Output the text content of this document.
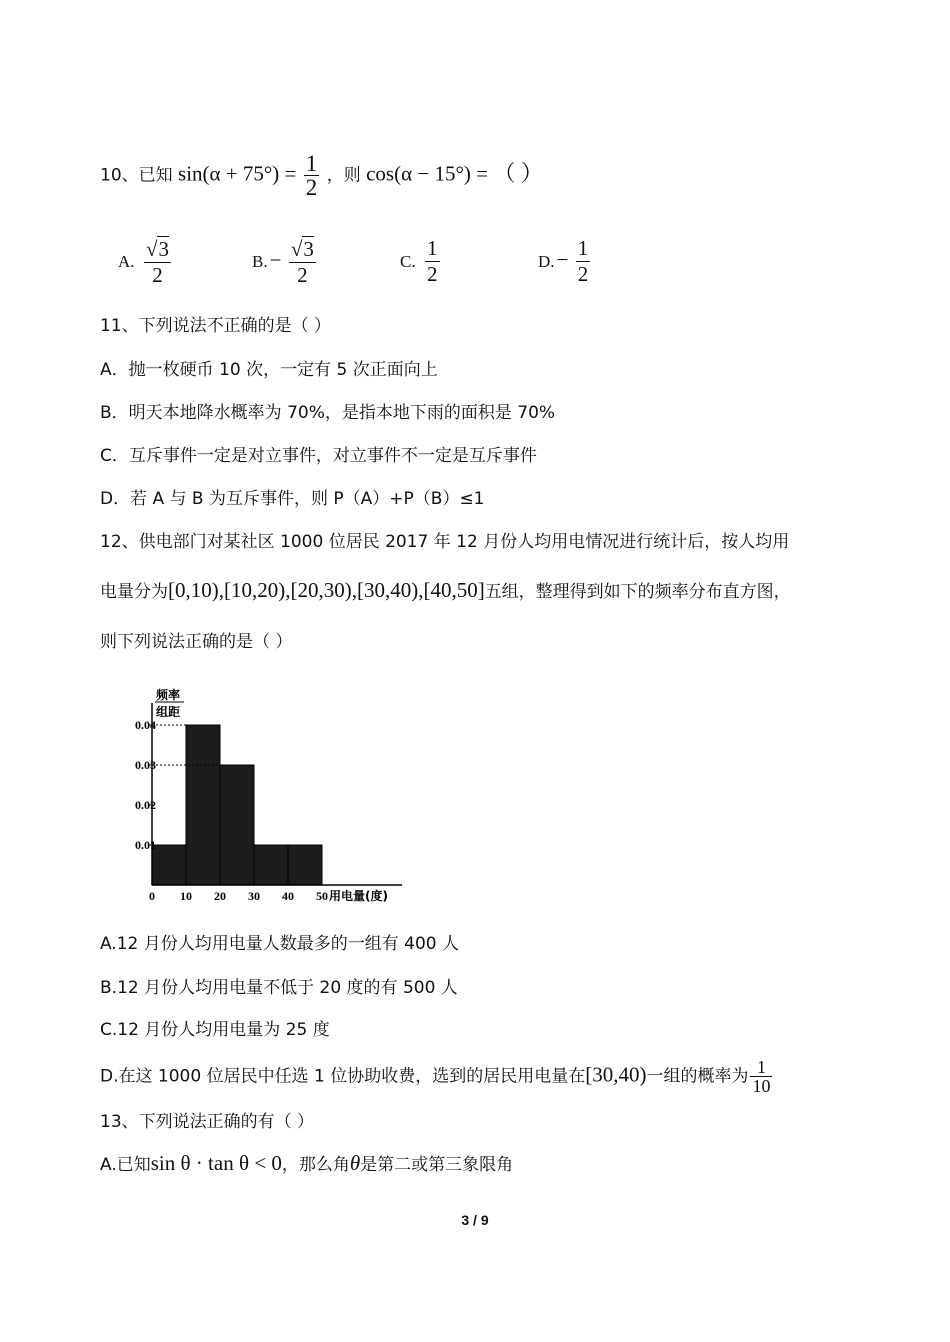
10、已知 $\sin(\alpha + 75^\circ) = \frac{1}{2}$ ，则 cos(α − 15°) = （ ）
A. $\frac{√3}{2}$	$B.- \frac{√3}{2}$	C. $\frac{1}{2}$	$D.- \frac{1}{2}$
11、下列说法不正确的是（ ）
A．抛一枚硬币 10 次，一定有 5 次正面向上
B．明天本地降水概率为 70%，是指本地下雨的面积是 70%
C．互斥事件一定是对立事件，对立事件不一定是互斥事件
D．若 A 与 B 为互斥事件，则 P（A）+P（B）≤1
12、供电部门对某社区 1000 位居民 2017 年 12 月份人均用电情况进行统计后，按人均用
电量分为[0,10),[10,20),[20,30),[30,40),[40,50]五组，整理得到如下的频率分布直方图，
则下列说法正确的是（ ）
0.01
0.02
0.03
0.04
0 10 20 30 40 50 用电量(度)
频率
组距
A.12 月份人均用电量人数最多的一组有 400 人
B.12 月份人均用电量不低于 20 度的有 500 人
C.12 月份人均用电量为 25 度
D.在这 1000 位居民中任选 1 位协助收费，选到的居民用电量在[30,40)一组的概率为 $\frac{1}{10}$
13、下列说法正确的有（ ）
A.已知sin θ · tan θ < 0，那么角θ是第二或第三象限角
3 / 9
